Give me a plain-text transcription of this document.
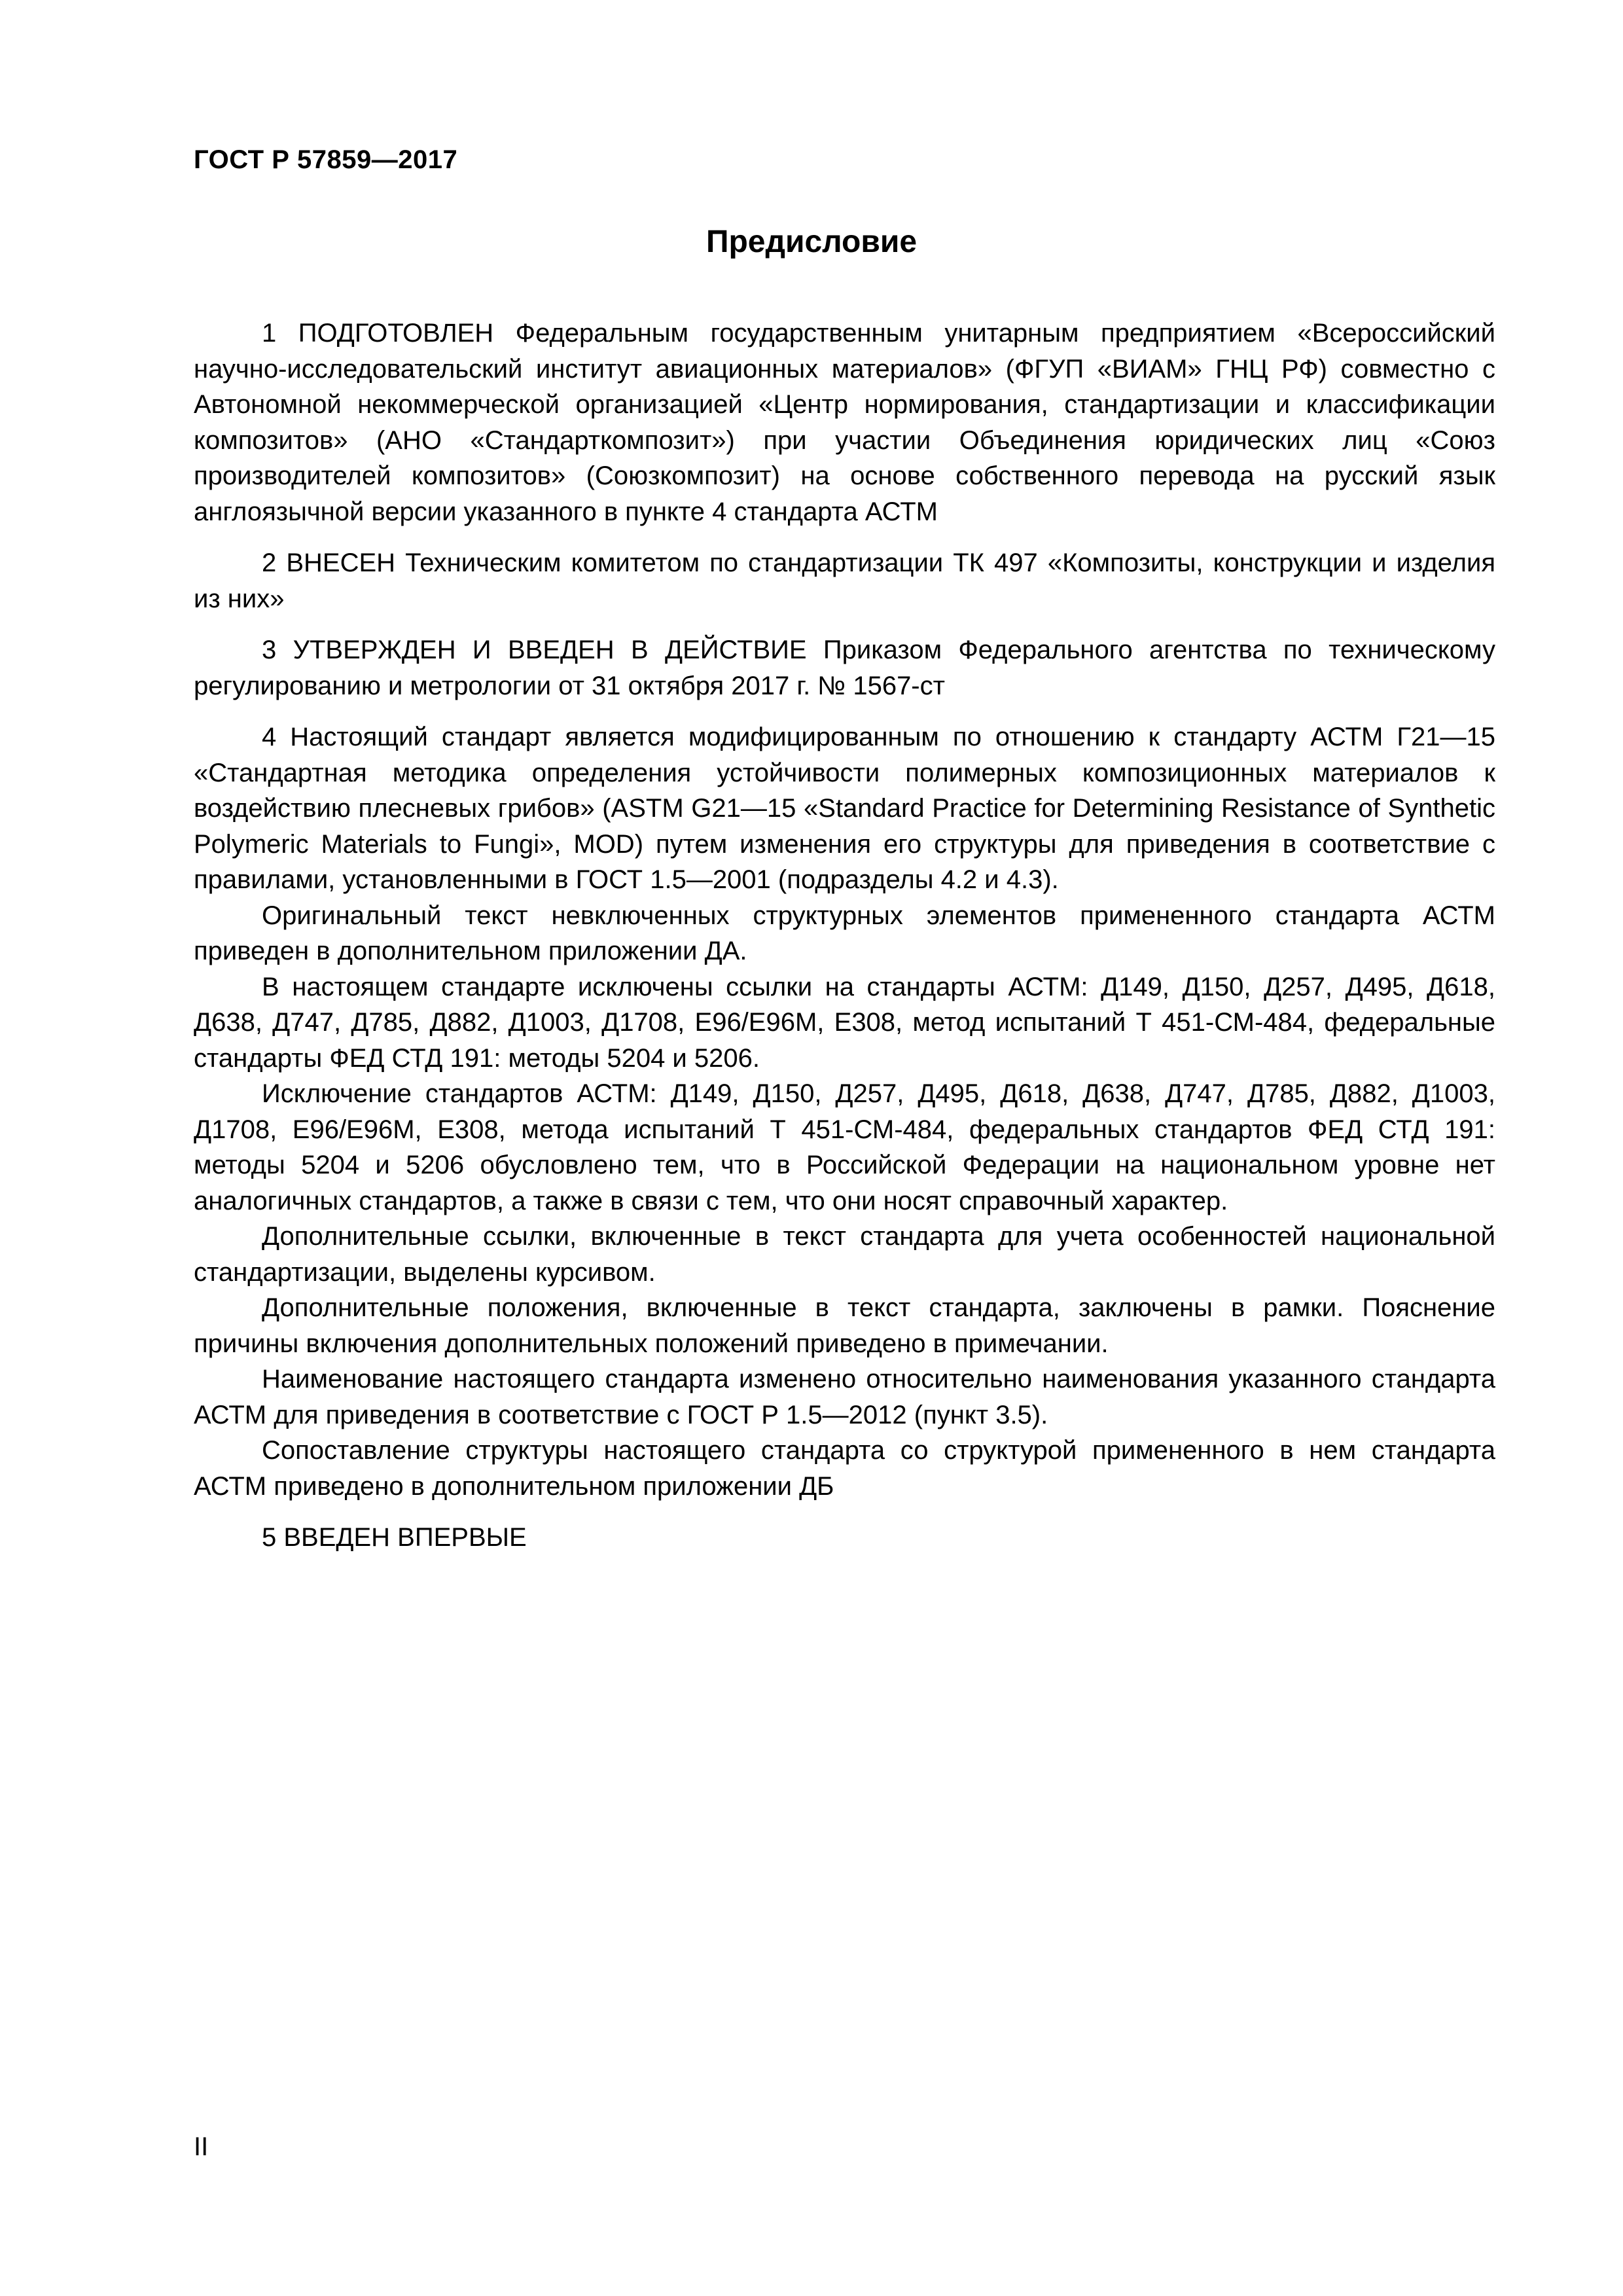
ГОСТ Р 57859—2017
Предисловие

1 ПОДГОТОВЛЕН Федеральным государственным унитарным предприятием «Всероссийский научно-исследовательский институт авиационных материалов» (ФГУП «ВИАМ» ГНЦ РФ) совместно с Автономной некоммерческой организацией «Центр нормирования, стандартизации и классификации композитов» (АНО «Стандарткомпозит») при участии Объединения юридических лиц «Союз производителей композитов» (Союзкомпозит) на основе собственного перевода на русский язык англоязычной версии указанного в пункте 4 стандарта АСТМ

2 ВНЕСЕН Техническим комитетом по стандартизации ТК 497 «Композиты, конструкции и изделия из них»

3 УТВЕРЖДЕН И ВВЕДЕН В ДЕЙСТВИЕ Приказом Федерального агентства по техническому регулированию и метрологии от 31 октября 2017 г. № 1567-ст

4 Настоящий стандарт является модифицированным по отношению к стандарту АСТМ Г21—15 «Стандартная методика определения устойчивости полимерных композиционных материалов к воздействию плесневых грибов» (ASTM G21—15 «Standard Practice for Determining Resistance of Synthetic Polymeric Materials to Fungi», MOD) путем изменения его структуры для приведения в соответствие с правилами, установленными в ГОСТ 1.5—2001 (подразделы 4.2 и 4.3).

Оригинальный текст невключенных структурных элементов примененного стандарта АСТМ приведен в дополнительном приложении ДА.

В настоящем стандарте исключены ссылки на стандарты АСТМ: Д149, Д150, Д257, Д495, Д618, Д638, Д747, Д785, Д882, Д1003, Д1708, Е96/Е96М, Е308, метод испытаний Т 451-СМ-484, федеральные стандарты ФЕД СТД 191: методы 5204 и 5206.

Исключение стандартов АСТМ: Д149, Д150, Д257, Д495, Д618, Д638, Д747, Д785, Д882, Д1003, Д1708, Е96/Е96М, Е308, метода испытаний Т 451-СМ-484, федеральных стандартов ФЕД СТД 191: методы 5204 и 5206 обусловлено тем, что в Российской Федерации на национальном уровне нет аналогичных стандартов, а также в связи с тем, что они носят справочный характер.

Дополнительные ссылки, включенные в текст стандарта для учета особенностей национальной стандартизации, выделены курсивом.

Дополнительные положения, включенные в текст стандарта, заключены в рамки. Пояснение причины включения дополнительных положений приведено в примечании.

Наименование настоящего стандарта изменено относительно наименования указанного стандарта АСТМ для приведения в соответствие с ГОСТ Р 1.5—2012 (пункт 3.5).

Сопоставление структуры настоящего стандарта со структурой примененного в нем стандарта АСТМ приведено в дополнительном приложении ДБ

5 ВВЕДЕН ВПЕРВЫЕ

II
